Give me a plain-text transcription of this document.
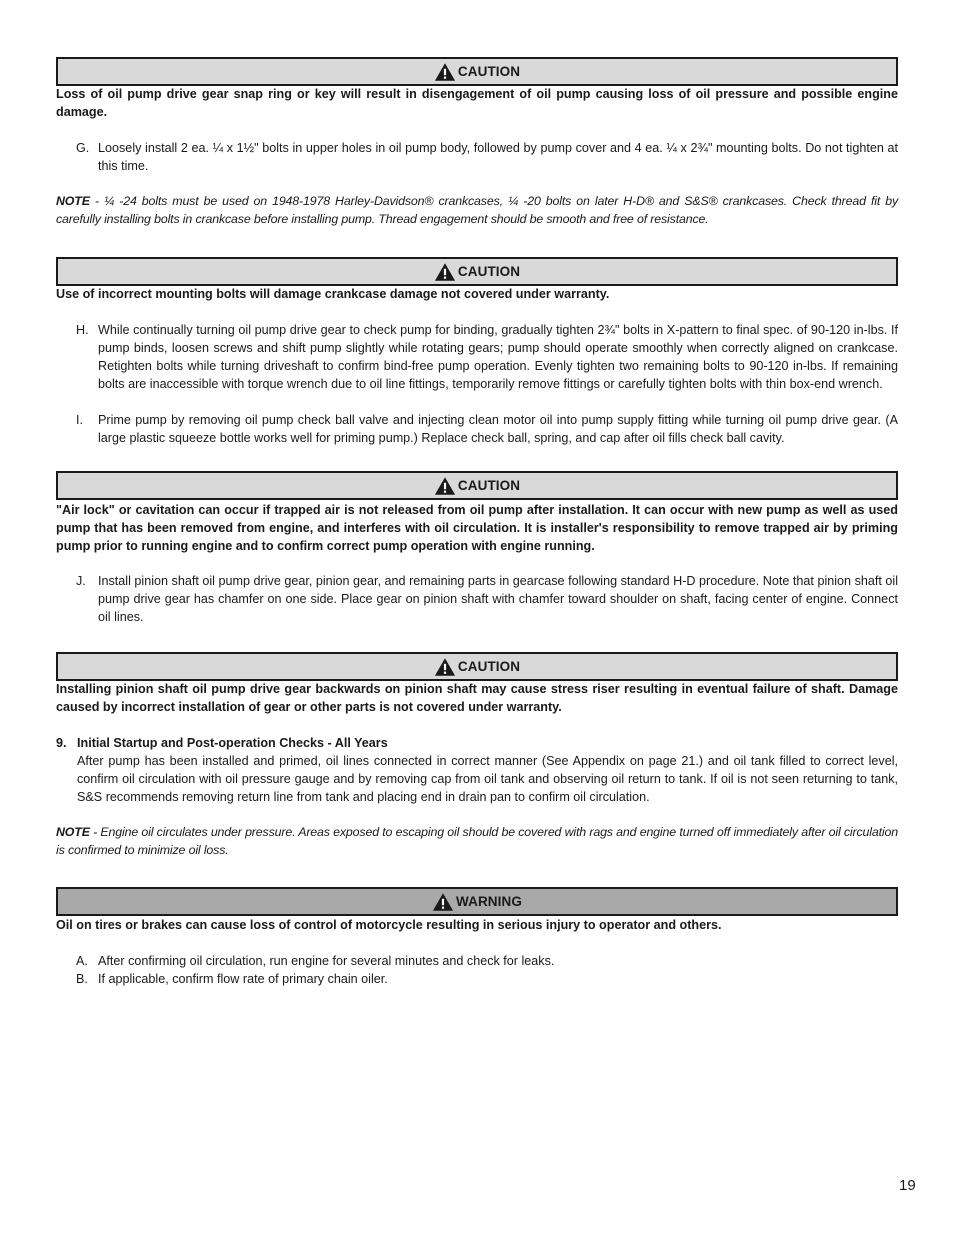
CAUTION
Loss of oil pump drive gear snap ring or key will result in disengagement of oil pump causing loss of oil pressure and possible engine damage.
G. Loosely install 2 ea. ¼ x 1½" bolts in upper holes in oil pump body, followed by pump cover and 4 ea. ¼ x 2¾" mounting bolts. Do not tighten at this time.
NOTE - ¼ -24 bolts must be used on 1948-1978 Harley-Davidson® crankcases, ¼ -20 bolts on later H-D® and S&S® crankcases. Check thread fit by carefully installing bolts in crankcase before installing pump. Thread engagement should be smooth and free of resistance.
CAUTION
Use of incorrect mounting bolts will damage crankcase damage not covered under warranty.
H. While continually turning oil pump drive gear to check pump for binding, gradually tighten 2¾" bolts in X-pattern to final spec. of 90-120 in-lbs. If pump binds, loosen screws and shift pump slightly while rotating gears; pump should operate smoothly when correctly aligned on crankcase. Retighten bolts while turning driveshaft to confirm bind-free pump operation. Evenly tighten two remaining bolts to 90-120 in-lbs. If remaining bolts are inaccessible with torque wrench due to oil line fittings, temporarily remove fittings or carefully tighten bolts with thin box-end wrench.
I. Prime pump by removing oil pump check ball valve and injecting clean motor oil into pump supply fitting while turning oil pump drive gear. (A large plastic squeeze bottle works well for priming pump.) Replace check ball, spring, and cap after oil fills check ball cavity.
CAUTION
"Air lock" or cavitation can occur if trapped air is not released from oil pump after installation. It can occur with new pump as well as used pump that has been removed from engine, and interferes with oil circulation. It is installer's responsibility to remove trapped air by priming pump prior to running engine and to confirm correct pump operation with engine running.
J. Install pinion shaft oil pump drive gear, pinion gear, and remaining parts in gearcase following standard H-D procedure. Note that pinion shaft oil pump drive gear has chamfer on one side. Place gear on pinion shaft with chamfer toward shoulder on shaft, facing center of engine. Connect oil lines.
CAUTION
Installing pinion shaft oil pump drive gear backwards on pinion shaft may cause stress riser resulting in eventual failure of shaft. Damage caused by incorrect installation of gear or other parts is not covered under warranty.
9. Initial Startup and Post-operation Checks - All Years
After pump has been installed and primed, oil lines connected in correct manner (See Appendix on page 21.) and oil tank filled to correct level, confirm oil circulation with oil pressure gauge and by removing cap from oil tank and observing oil return to tank. If oil is not seen returning to tank, S&S recommends removing return line from tank and placing end in drain pan to confirm oil circulation.
NOTE - Engine oil circulates under pressure. Areas exposed to escaping oil should be covered with rags and engine turned off immediately after oil circulation is confirmed to minimize oil loss.
WARNING
Oil on tires or brakes can cause loss of control of motorcycle resulting in serious injury to operator and others.
A. After confirming oil circulation, run engine for several minutes and check for leaks.
B. If applicable, confirm flow rate of primary chain oiler.
19
